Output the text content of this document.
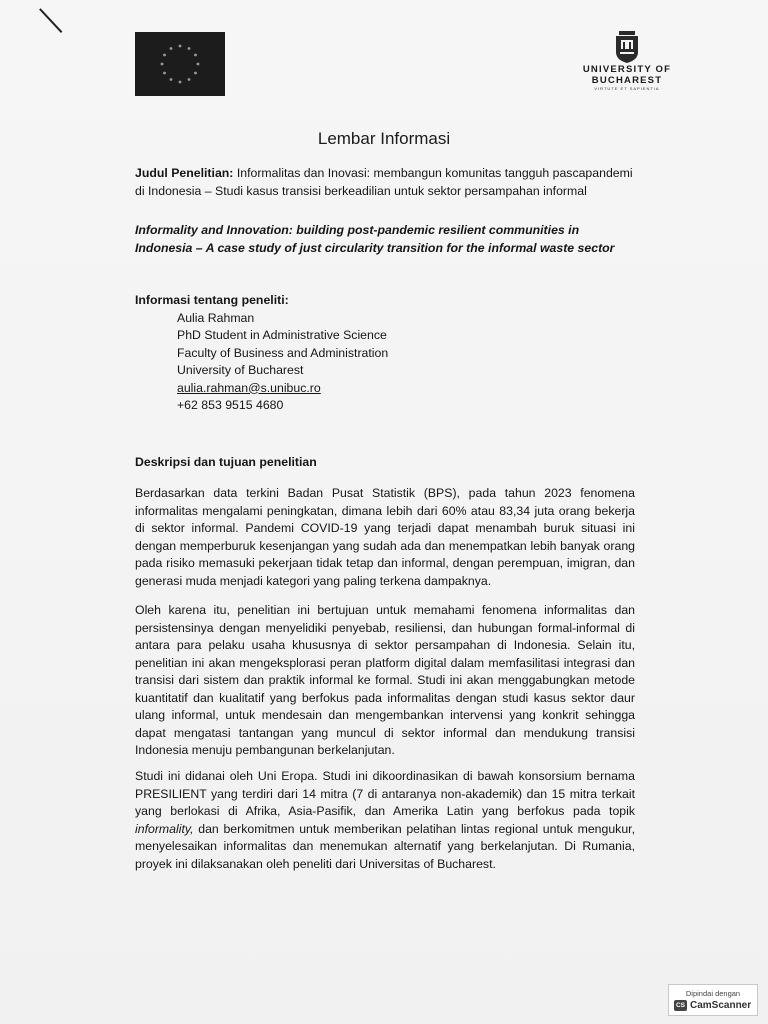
UNIVERSITY OF
BUCHAREST
VIRTUTE ET SAPIENTIA
Lembar Informasi
Judul Penelitian: Informalitas dan Inovasi: membangun komunitas tangguh pascapandemi di Indonesia – Studi kasus transisi berkeadilian untuk sektor persampahan informal
Informality and Innovation: building post-pandemic resilient communities in Indonesia – A case study of just circularity transition for the informal waste sector
Informasi tentang peneliti:
Aulia Rahman
PhD Student in Administrative Science
Faculty of Business and Administration
University of Bucharest
aulia.rahman@s.unibuc.ro
+62 853 9515 4680
Deskripsi dan tujuan penelitian
Berdasarkan data terkini Badan Pusat Statistik (BPS), pada tahun 2023 fenomena informalitas mengalami peningkatan, dimana lebih dari 60% atau 83,34 juta orang bekerja di sektor informal. Pandemi COVID-19 yang terjadi dapat menambah buruk situasi ini dengan memperburuk kesenjangan yang sudah ada dan menempatkan lebih banyak orang pada risiko memasuki pekerjaan tidak tetap dan informal, dengan perempuan, imigran, dan generasi muda menjadi kategori yang paling terkena dampaknya.
Oleh karena itu, penelitian ini bertujuan untuk memahami fenomena informalitas dan persistensinya dengan menyelidiki penyebab, resiliensi, dan hubungan formal-informal di antara para pelaku usaha khususnya di sektor persampahan di Indonesia. Selain itu, penelitian ini akan mengeksplorasi peran platform digital dalam memfasilitasi integrasi dan transisi dari sistem dan praktik informal ke formal. Studi ini akan menggabungkan metode kuantitatif dan kualitatif yang berfokus pada informalitas dengan studi kasus sektor daur ulang informal, untuk mendesain dan mengembankan intervensi yang konkrit sehingga dapat mengatasi tantangan yang muncul di sektor informal dan mendukung transisi Indonesia menuju pembangunan berkelanjutan.
Studi ini didanai oleh Uni Eropa. Studi ini dikoordinasikan di bawah konsorsium bernama PRESILIENT yang terdiri dari 14 mitra (7 di antaranya non-akademik) dan 15 mitra terkait yang berlokasi di Afrika, Asia-Pasifik, dan Amerika Latin yang berfokus pada topik informality, dan berkomitmen untuk memberikan pelatihan lintas regional untuk mengukur, menyelesaikan informalitas dan menemukan alternatif yang berkelanjutan. Di Rumania, proyek ini dilaksanakan oleh peneliti dari Universitas of Bucharest.
Dipindai dengan
CS CamScanner
